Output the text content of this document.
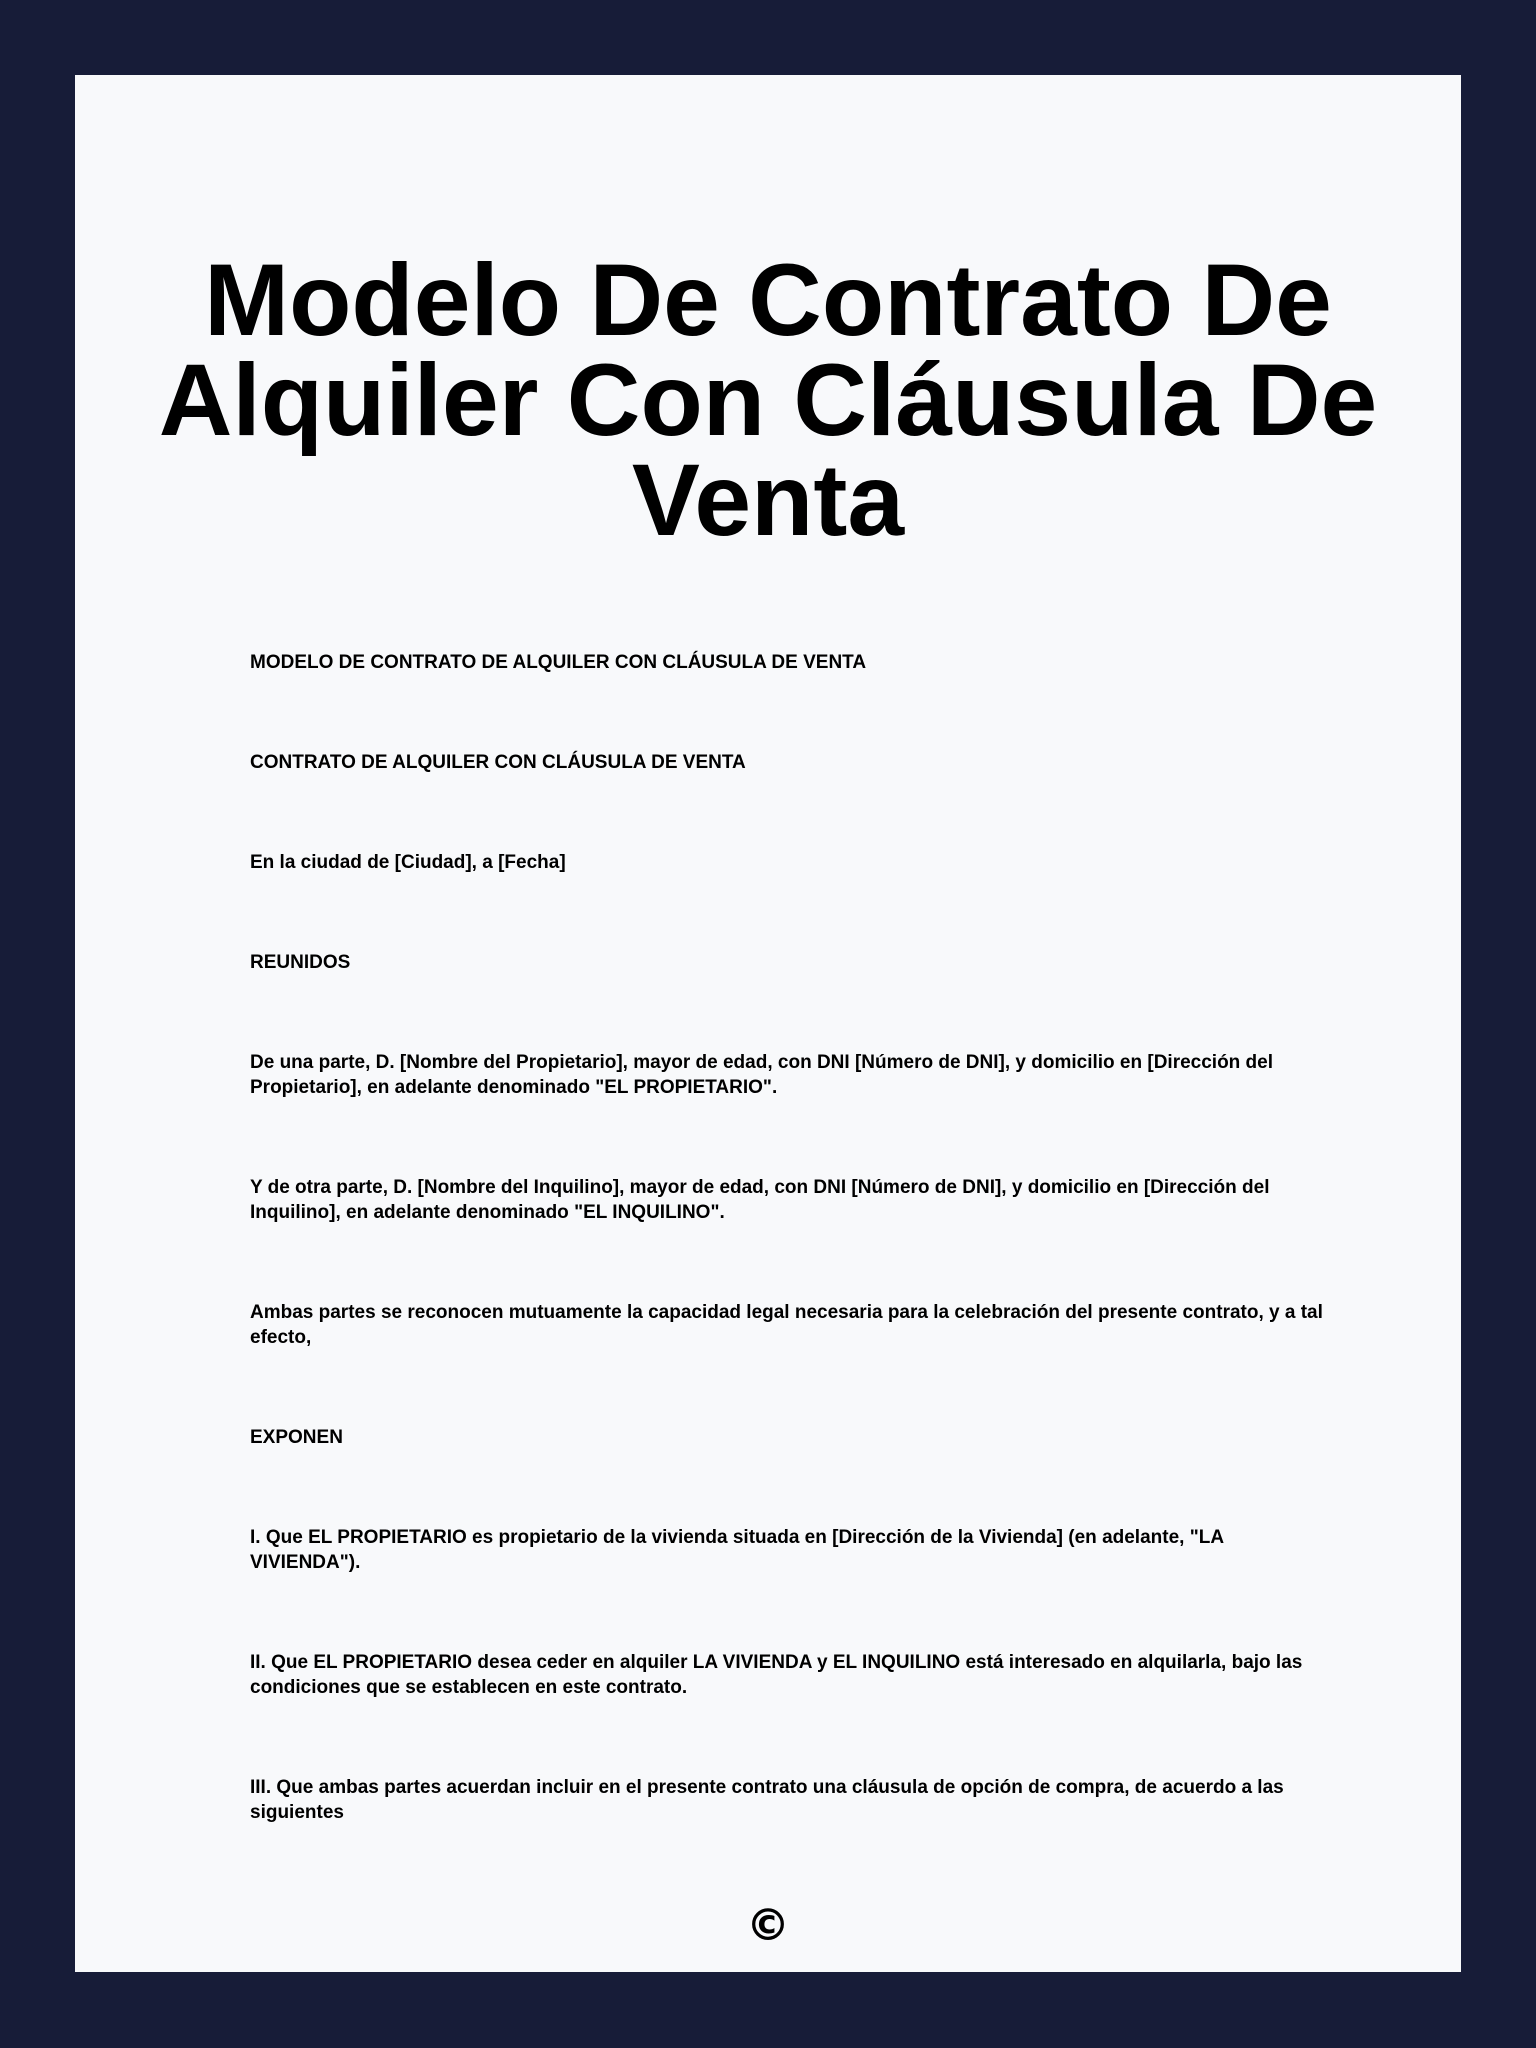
Modelo De Contrato De Alquiler Con Cláusula De Venta

MODELO DE CONTRATO DE ALQUILER CON CLÁUSULA DE VENTA

CONTRATO DE ALQUILER CON CLÁUSULA DE VENTA

En la ciudad de [Ciudad], a [Fecha]

REUNIDOS

De una parte, D. [Nombre del Propietario], mayor de edad, con DNI [Número de DNI], y domicilio en [Dirección del Propietario], en adelante denominado "EL PROPIETARIO".

Y de otra parte, D. [Nombre del Inquilino], mayor de edad, con DNI [Número de DNI], y domicilio en [Dirección del Inquilino], en adelante denominado "EL INQUILINO".

Ambas partes se reconocen mutuamente la capacidad legal necesaria para la celebración del presente contrato, y a tal efecto,

EXPONEN

I. Que EL PROPIETARIO es propietario de la vivienda situada en [Dirección de la Vivienda] (en adelante, "LA VIVIENDA").

II. Que EL PROPIETARIO desea ceder en alquiler LA VIVIENDA y EL INQUILINO está interesado en alquilarla, bajo las condiciones que se establecen en este contrato.

III. Que ambas partes acuerdan incluir en el presente contrato una cláusula de opción de compra, de acuerdo a las siguientes

©
